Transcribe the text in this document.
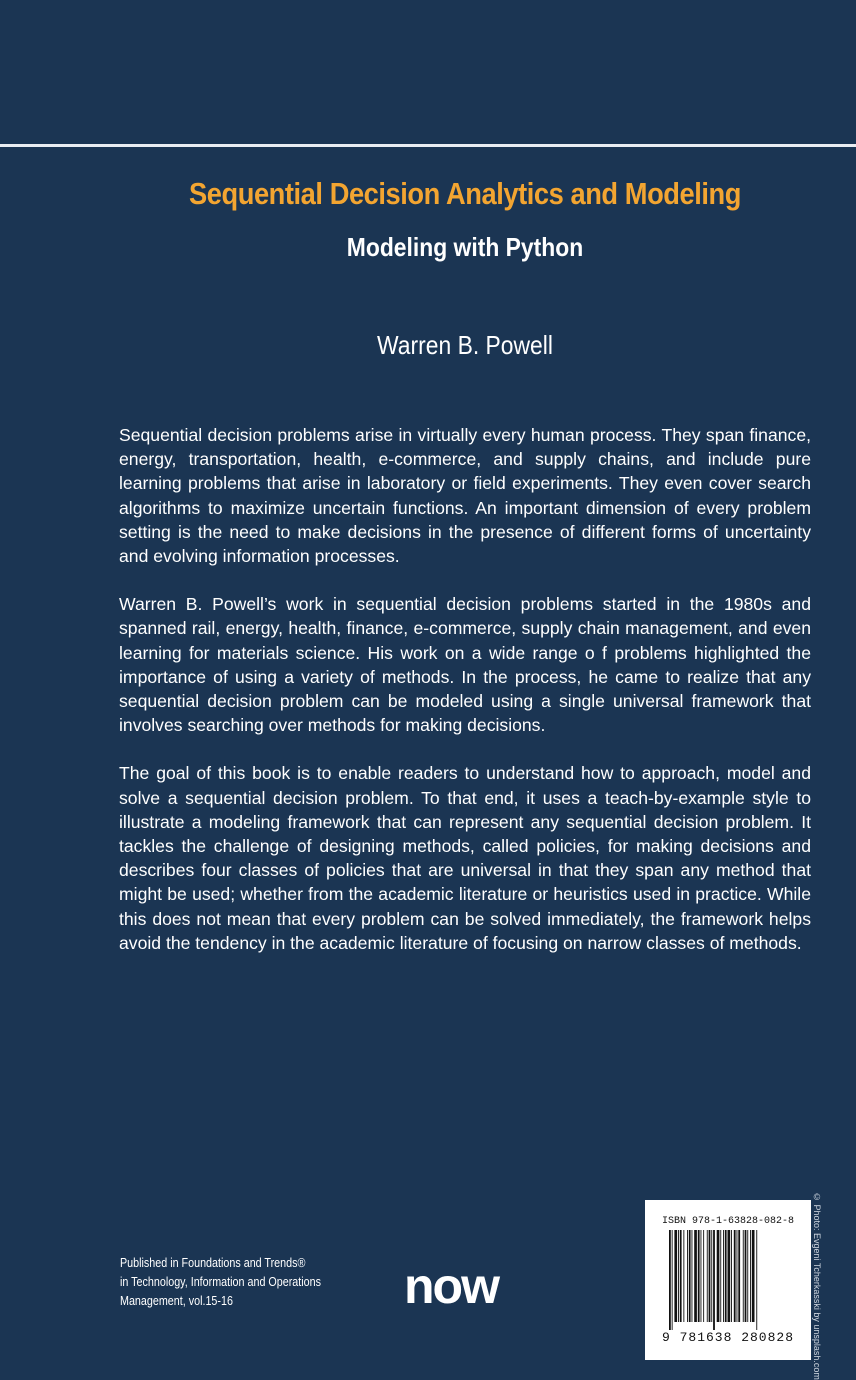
Sequential Decision Analytics and Modeling
Modeling with Python
Warren B. Powell

Sequential decision problems arise in virtually every human process. They span finance, energy, transportation, health, e-commerce, and supply chains, and include pure learning problems that arise in laboratory or field experiments. They even cover search algorithms to maximize uncertain functions. An important dimension of every problem setting is the need to make decisions in the presence of different forms of uncertainty and evolving information processes.

Warren B. Powell’s work in sequential decision problems started in the 1980s and spanned rail, energy, health, finance, e-commerce, supply chain management, and even learning for materials science. His work on a wide range o f problems highlighted the importance of using a variety of methods. In the process, he came to realize that any sequential decision problem can be modeled using a single universal framework that involves searching over methods for making decisions.

The goal of this book is to enable readers to understand how to approach, model and solve a sequential decision problem. To that end, it uses a teach-by-example style to illustrate a modeling framework that can represent any sequential decision problem. It tackles the challenge of designing methods, called policies, for making decisions and describes four classes of policies that are universal in that they span any method that might be used; whether from the academic literature or heuristics used in practice. While this does not mean that every problem can be solved immediately, the framework helps avoid the tendency in the academic literature of focusing on narrow classes of methods.

Published in Foundations and Trends®
in Technology, Information and Operations
Management, vol.15-16	now
ISBN 978-1-63828-082-8
9 781638 280828	© Photo: Evgeni Tcherkasski by unsplash.com
